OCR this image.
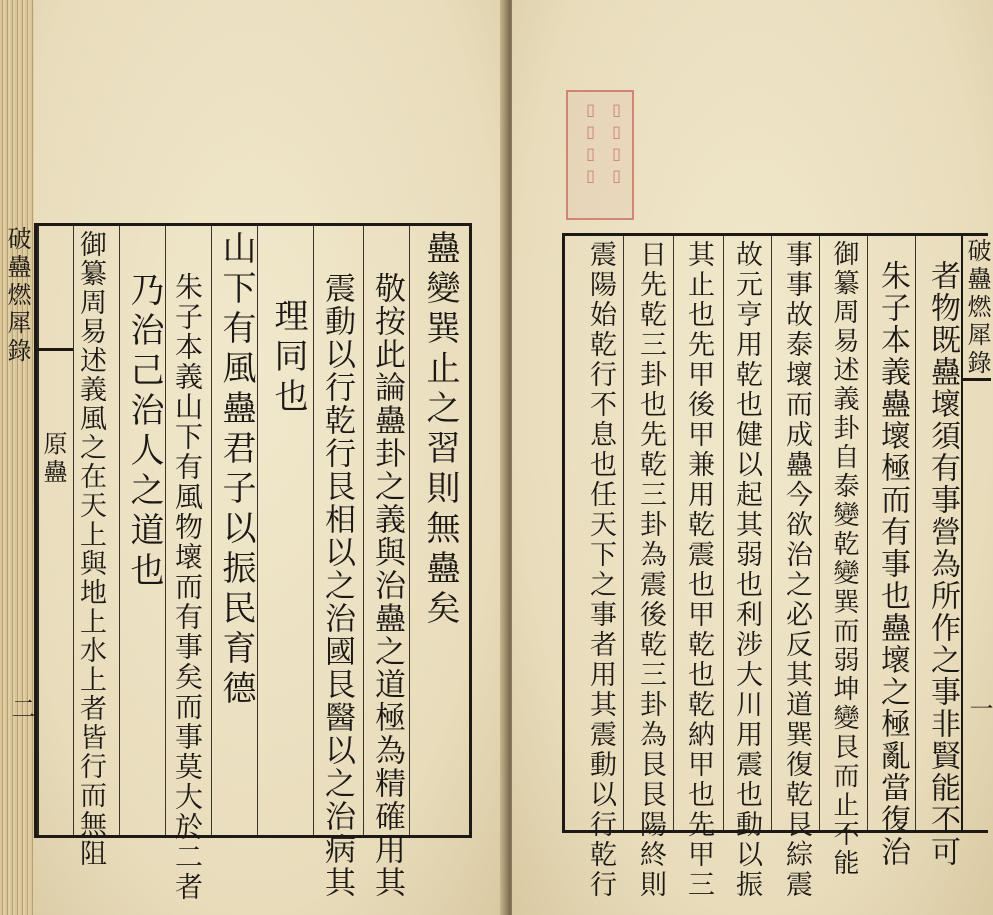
破蠱燃犀錄
原蠱
二
蠱變巽止之習則無蠱矣
敬按此論蠱卦之義與治蠱之道極為精確用其
震動以行乾行艮相以之治國艮醫以之治病其
理同也
山下有風蠱君子以振民育德
朱子本義山下有風物壞而有事矣而事莫大於二者
乃治己治人之道也
御纂周易述義風之在天上與地上水上者皆行而無阻
▯▯▯▯
▯▯▯▯
破蠱燃犀錄
一
者物既蠱壞須有事營為所作之事非賢能不可
朱子本義蠱壞極而有事也蠱壞之極亂當復治
御纂周易述義卦自泰變乾變巽而弱坤變艮而止不能
事事故泰壞而成蠱今欲治之必反其道巽復乾艮綜震
故元亨用乾也健以起其弱也利涉大川用震也動以振
其止也先甲後甲兼用乾震也甲乾也乾納甲也先甲三
日先乾三卦也先乾三卦為震後乾三卦為艮艮陽終則
震陽始乾行不息也任天下之事者用其震動以行乾行
